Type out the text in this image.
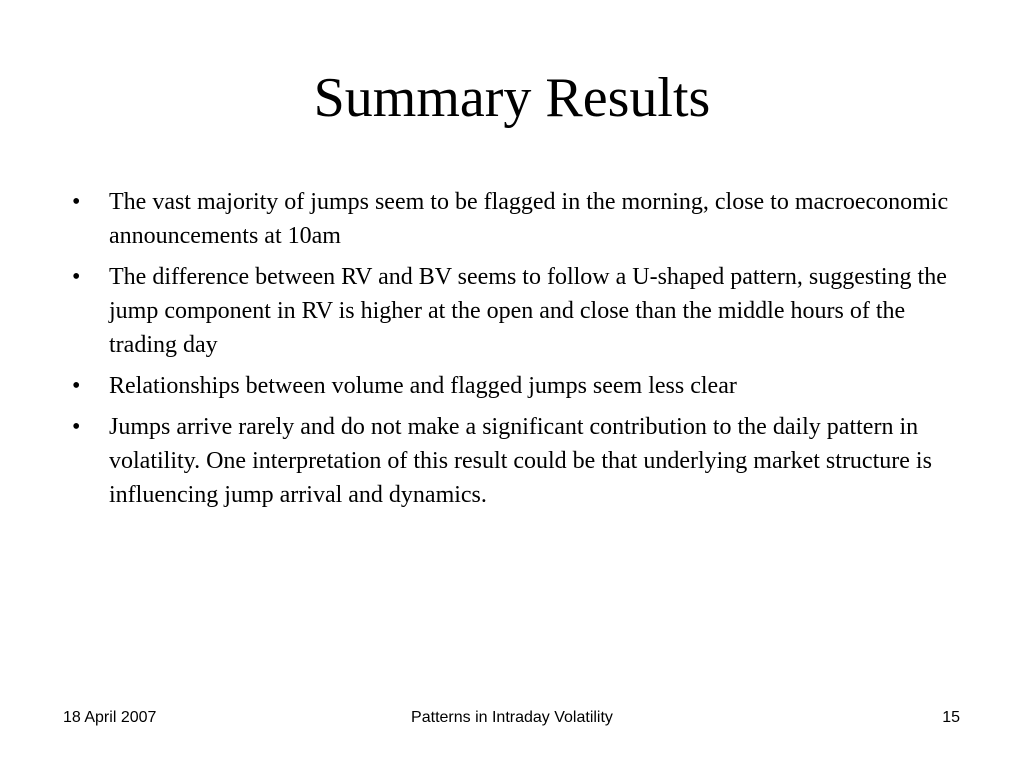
Summary Results
• The vast majority of jumps seem to be flagged in the morning, close to macroeconomic announcements at 10am
• The difference between RV and BV seems to follow a U-shaped pattern, suggesting the jump component in RV is higher at the open and close than the middle hours of the trading day
• Relationships between volume and flagged jumps seem less clear
• Jumps arrive rarely and do not make a significant contribution to the daily pattern in volatility. One interpretation of this result could be that underlying market structure is influencing jump arrival and dynamics.
18 April 2007	Patterns in Intraday Volatility	15
